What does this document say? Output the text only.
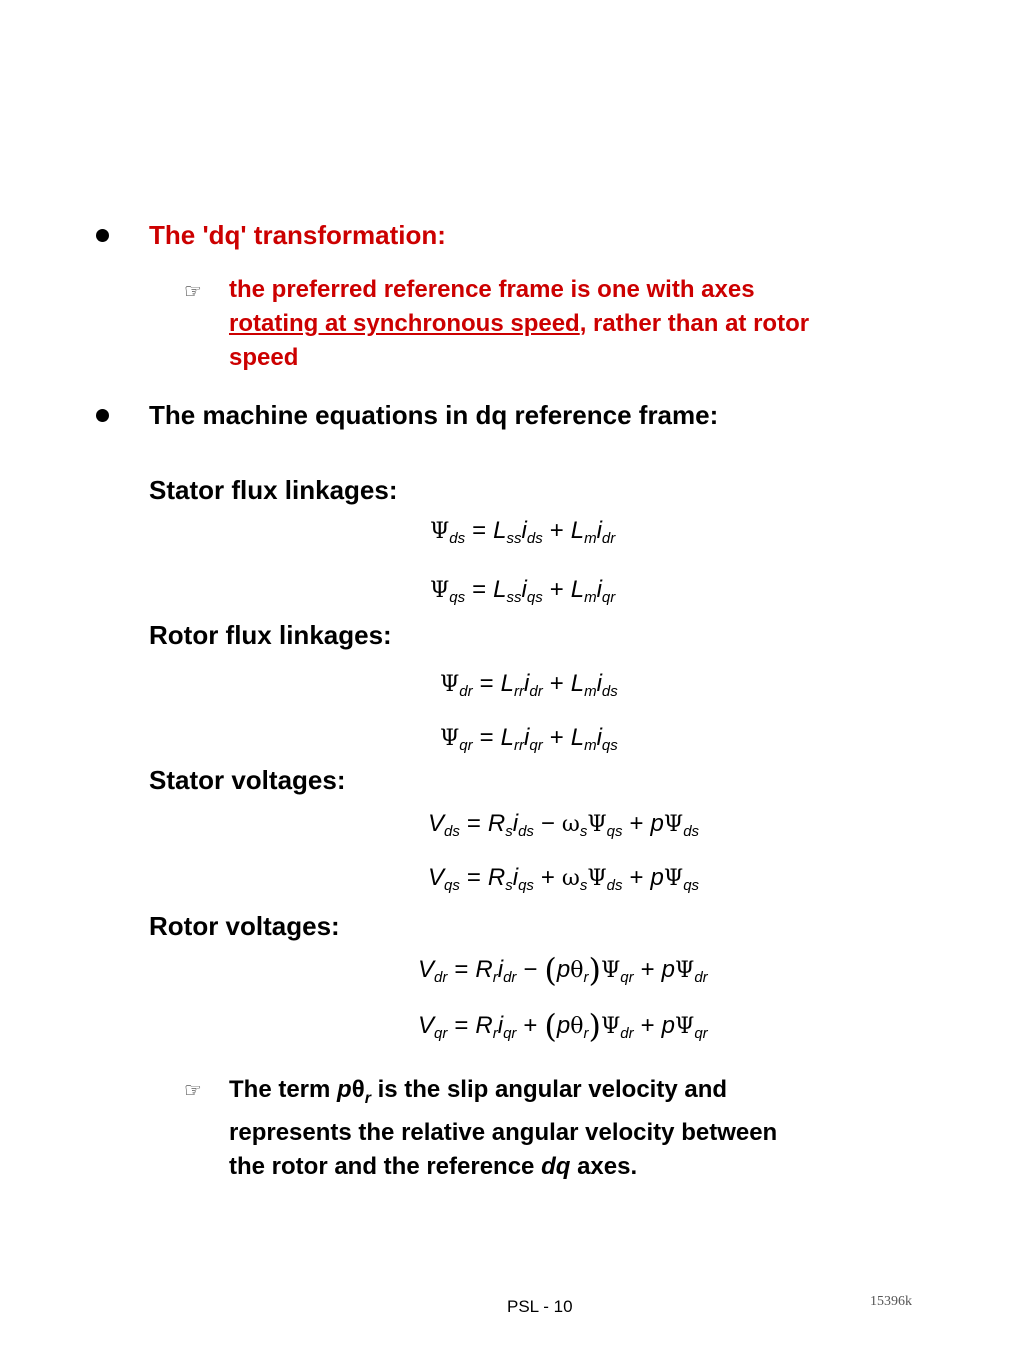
The 'dq' transformation:
☞ the preferred reference frame is one with axes
rotating at synchronous speed, rather than at rotor
speed
The machine equations in dq reference frame:
Stator flux linkages:
$\Psi_{ds} = L_{ss}i_{ds} + L_mi_{dr}$
$\Psi_{qs} = L_{ss}i_{qs} + L_mi_{qr}$
Rotor flux linkages:
$\Psi_{dr} = L_{rr}i_{dr} + L_mi_{ds}$
$\Psi_{qr} = L_{rr}i_{qr} + L_mi_{qs}$
Stator voltages:
$V_{ds} = R_si_{ds} - \omega_s\Psi_{qs} + p\Psi_{ds}$
$V_{qs} = R_si_{qs} + \omega_s\Psi_{ds} + p\Psi_{qs}$
Rotor voltages:
$V_{dr} = R_ri_{dr} - (p\theta_r)\Psi_{qr} + p\Psi_{dr}$
$V_{qr} = R_ri_{qr} + (p\theta_r)\Psi_{dr} + p\Psi_{qr}$
☞ The term $p\theta_r$ is the slip angular velocity and
represents the relative angular velocity between
the rotor and the reference dq axes.
PSL - 10	15396k
